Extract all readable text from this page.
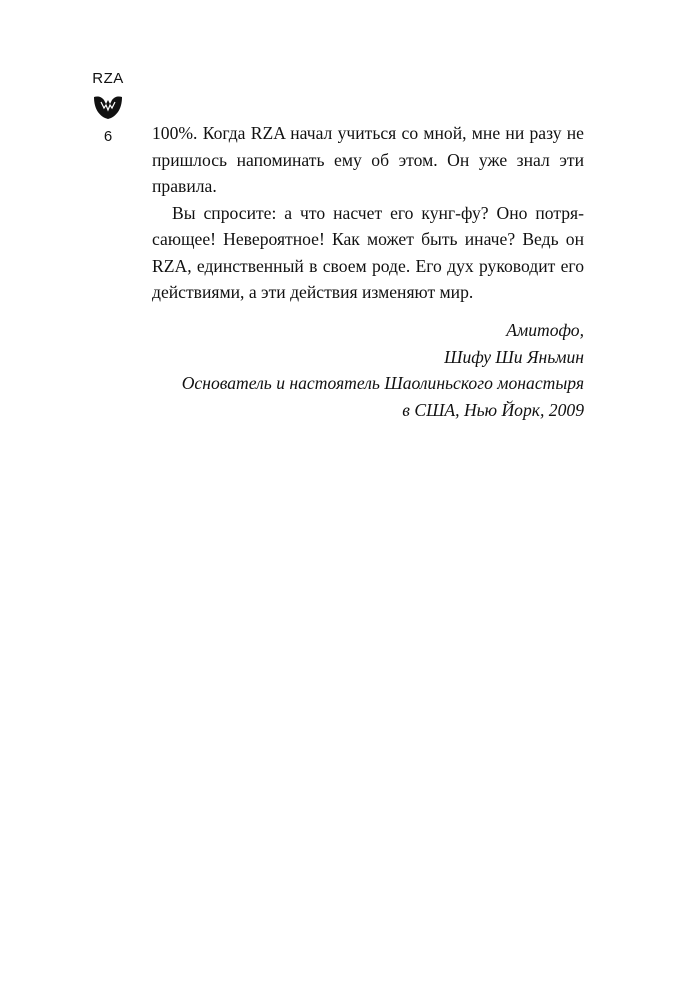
RZA
6	100%. Когда RZA начал учиться со мной, мне ни разу не пришлось напоминать ему об этом. Он уже знал эти правила.

Вы спросите: а что насчет его кунг-фу? Оно потря- сающее! Невероятное! Как может быть иначе? Ведь он RZA, единственный в своем роде. Его дух руководит его действиями, а эти действия изменяют мир.

Амитофо,
Шифу Ши Яньмин
Основатель и настоятель Шаолиньского монастыря
в США, Нью Йорк, 2009
